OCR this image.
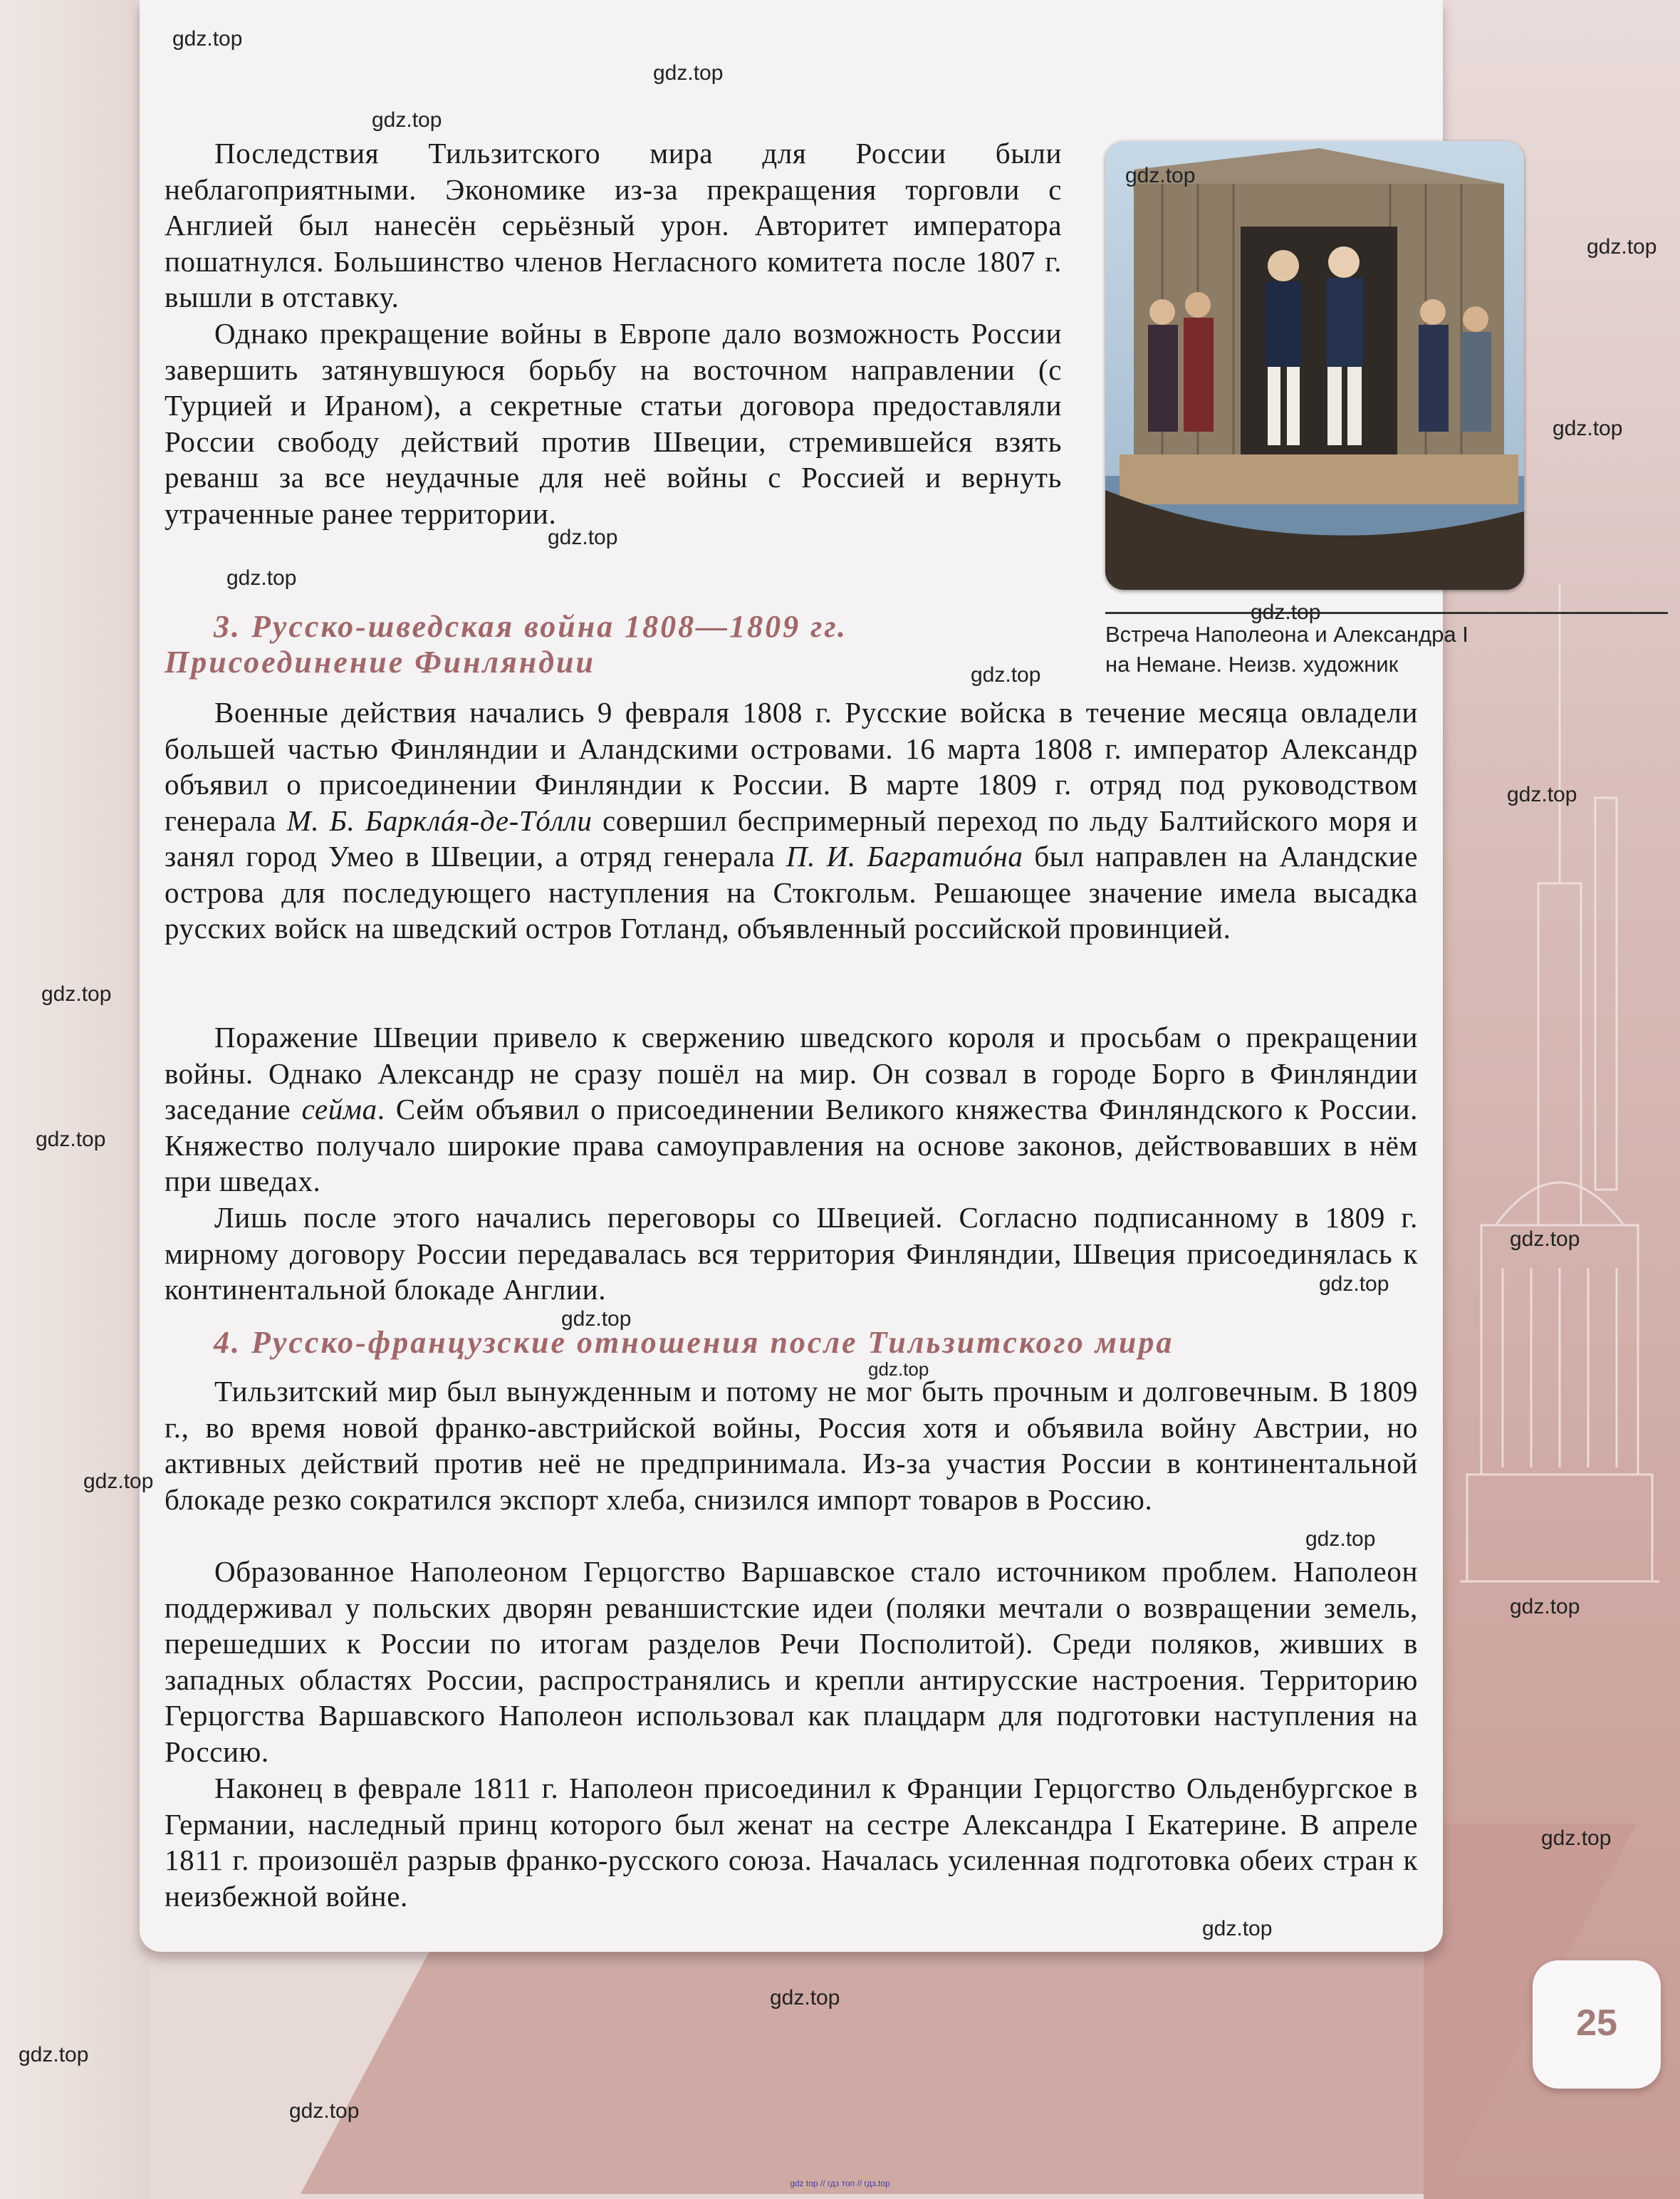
Последствия Тильзитского мира для России были неблагоприятными. Экономике из-за прекращения торговли с Англией был нанесён серьёзный урон. Авторитет императора пошатнулся. Большинство членов Негласного комитета после 1807 г. вышли в отставку.

Однако прекращение войны в Европе дало возможность России завершить затянувшуюся борьбу на восточном направлении (с Турцией и Ираном), а секретные статьи договора предоставляли России свободу действий против Швеции, стремившейся взять реванш за все неудачные для неё войны с Россией и вернуть утраченные ранее территории.

Встреча Наполеона и Александра I
на Немане. Неизв. художник

3. Русско-шведская война 1808—1809 гг.
Присоединение Финляндии

Военные действия начались 9 февраля 1808 г. Русские войска в течение месяца овладели большей частью Финляндии и Аландскими островами. 16 марта 1808 г. император Александр объявил о присоединении Финляндии к России. В марте 1809 г. отряд под руководством генерала М. Б. Барклáя-де-Тóлли совершил беспримерный переход по льду Балтийского моря и занял город Умео в Швеции, а отряд генерала П. И. Багратиóна был направлен на Аландские острова для последующего наступления на Стокгольм. Решающее значение имела высадка русских войск на шведский остров Готланд, объявленный российской провинцией.

Поражение Швеции привело к свержению шведского короля и просьбам о прекращении войны. Однако Александр не сразу пошёл на мир. Он созвал в городе Борго в Финляндии заседание сейма. Сейм объявил о присоединении Великого княжества Финляндского к России. Княжество получало широкие права самоуправления на основе законов, действовавших в нём при шведах.

Лишь после этого начались переговоры со Швецией. Согласно подписанному в 1809 г. мирному договору России передавалась вся территория Финляндии, Швеция присоединялась к континентальной блокаде Англии.

4. Русско-французские отношения после Тильзитского мира

Тильзитский мир был вынужденным и потому не мог быть прочным и долговечным. В 1809 г., во время новой франко-австрийской войны, Россия хотя и объявила войну Австрии, но активных действий против неё не предпринимала. Из-за участия России в континентальной блокаде резко сократился экспорт хлеба, снизился импорт товаров в Россию.

Образованное Наполеоном Герцогство Варшавское стало источником проблем. Наполеон поддерживал у польских дворян реваншистские идеи (поляки мечтали о возвращении земель, перешедших к России по итогам разделов Речи Посполитой). Среди поляков, живших в западных областях России, распространялись и крепли антирусские настроения. Территорию Герцогства Варшавского Наполеон использовал как плацдарм для подготовки наступления на Россию.

Наконец в феврале 1811 г. Наполеон присоединил к Франции Герцогство Ольденбургское в Германии, наследный принц которого был женат на сестре Александра I Екатерине. В апреле 1811 г. произошёл разрыв франко-русского союза. Началась усиленная подготовка обеих стран к неизбежной войне.

25
gdz.top
gdz.top
gdz.top
gdz.top
gdz.top
gdz.top
gdz.top
gdz.top
gdz.top
gdz.top
gdz.top
gdz.top
gdz.top
gdz.top
gdz.top
gdz.top
gdz.top
gdz.top
gdz.top
gdz.top
gdz.top
gdz.top
gdz.top
gdz.top
gdz.top
gdz top // гдз топ // гдз.top
